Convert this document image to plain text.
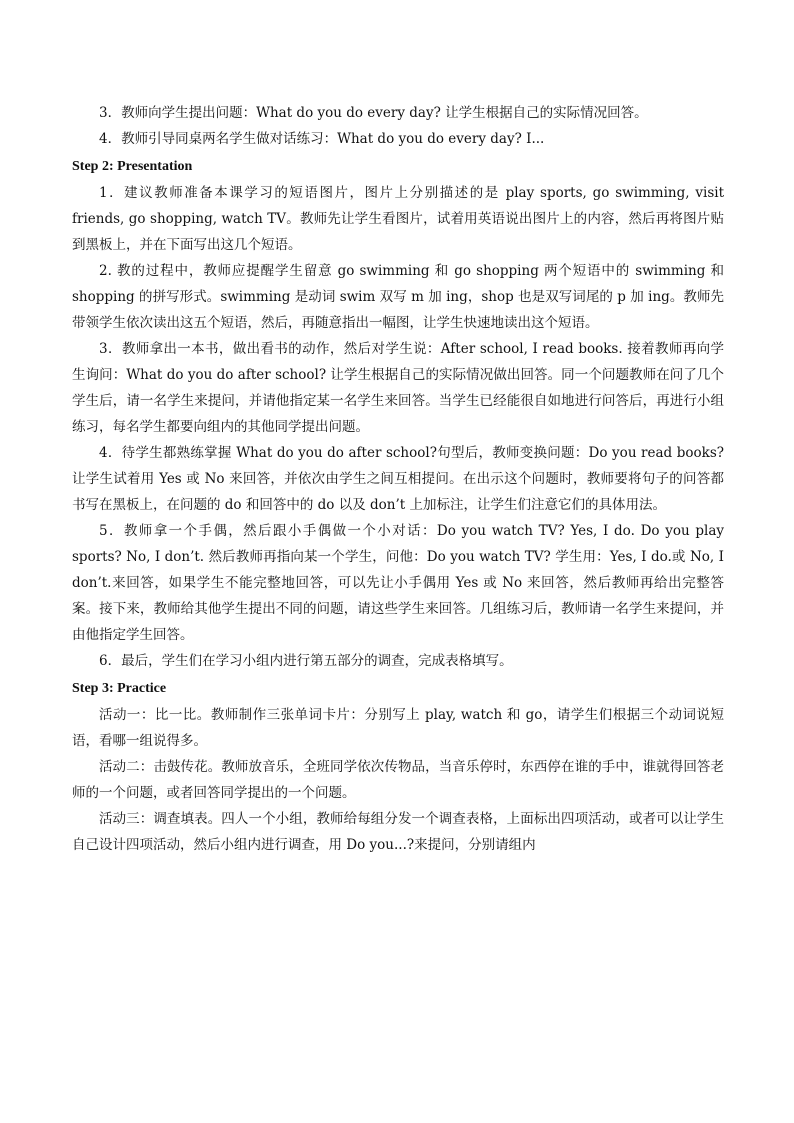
3．教师向学生提出问题：What do you do every day? 让学生根据自己的实际情况回答。

4．教师引导同桌两名学生做对话练习：What do you do every day? I...

Step 2: Presentation

1．建议教师准备本课学习的短语图片，图片上分别描述的是 play sports, go swimming, visit friends, go shopping, watch TV。教师先让学生看图片，试着用英语说出图片上的内容，然后再将图片贴到黑板上，并在下面写出这几个短语。

2. 教的过程中，教师应提醒学生留意 go swimming 和 go shopping 两个短语中的 swimming 和 shopping 的拼写形式。swimming 是动词 swim 双写 m 加 ing，shop 也是双写词尾的 p 加 ing。教师先带领学生依次读出这五个短语，然后，再随意指出一幅图，让学生快速地读出这个短语。

3．教师拿出一本书，做出看书的动作，然后对学生说：After school, I read books. 接着教师再向学生询问：What do you do after school? 让学生根据自己的实际情况做出回答。同一个问题教师在问了几个学生后，请一名学生来提问，并请他指定某一名学生来回答。当学生已经能很自如地进行问答后，再进行小组练习，每名学生都要向组内的其他同学提出问题。

4．待学生都熟练掌握 What do you do after school?句型后，教师变换问题：Do you read books?让学生试着用 Yes 或 No 来回答，并依次由学生之间互相提问。在出示这个问题时，教师要将句子的问答都书写在黑板上，在问题的 do 和回答中的 do 以及 don’t 上加标注，让学生们注意它们的具体用法。

5．教师拿一个手偶，然后跟小手偶做一个小对话：Do you watch TV? Yes, I do. Do you play sports? No, I don’t. 然后教师再指向某一个学生，问他：Do you watch TV? 学生用：Yes, I do.或 No, I don’t.来回答，如果学生不能完整地回答，可以先让小手偶用 Yes 或 No 来回答，然后教师再给出完整答案。接下来，教师给其他学生提出不同的问题，请这些学生来回答。几组练习后，教师请一名学生来提问，并由他指定学生回答。

6．最后，学生们在学习小组内进行第五部分的调查，完成表格填写。

Step 3: Practice

活动一：比一比。教师制作三张单词卡片：分别写上 play, watch 和 go，请学生们根据三个动词说短语，看哪一组说得多。

活动二：击鼓传花。教师放音乐，全班同学依次传物品，当音乐停时，东西停在谁的手中，谁就得回答老师的一个问题，或者回答同学提出的一个问题。

活动三：调查填表。四人一个小组，教师给每组分发一个调查表格，上面标出四项活动，或者可以让学生自己设计四项活动，然后小组内进行调查，用 Do you...?来提问，分别请组内
